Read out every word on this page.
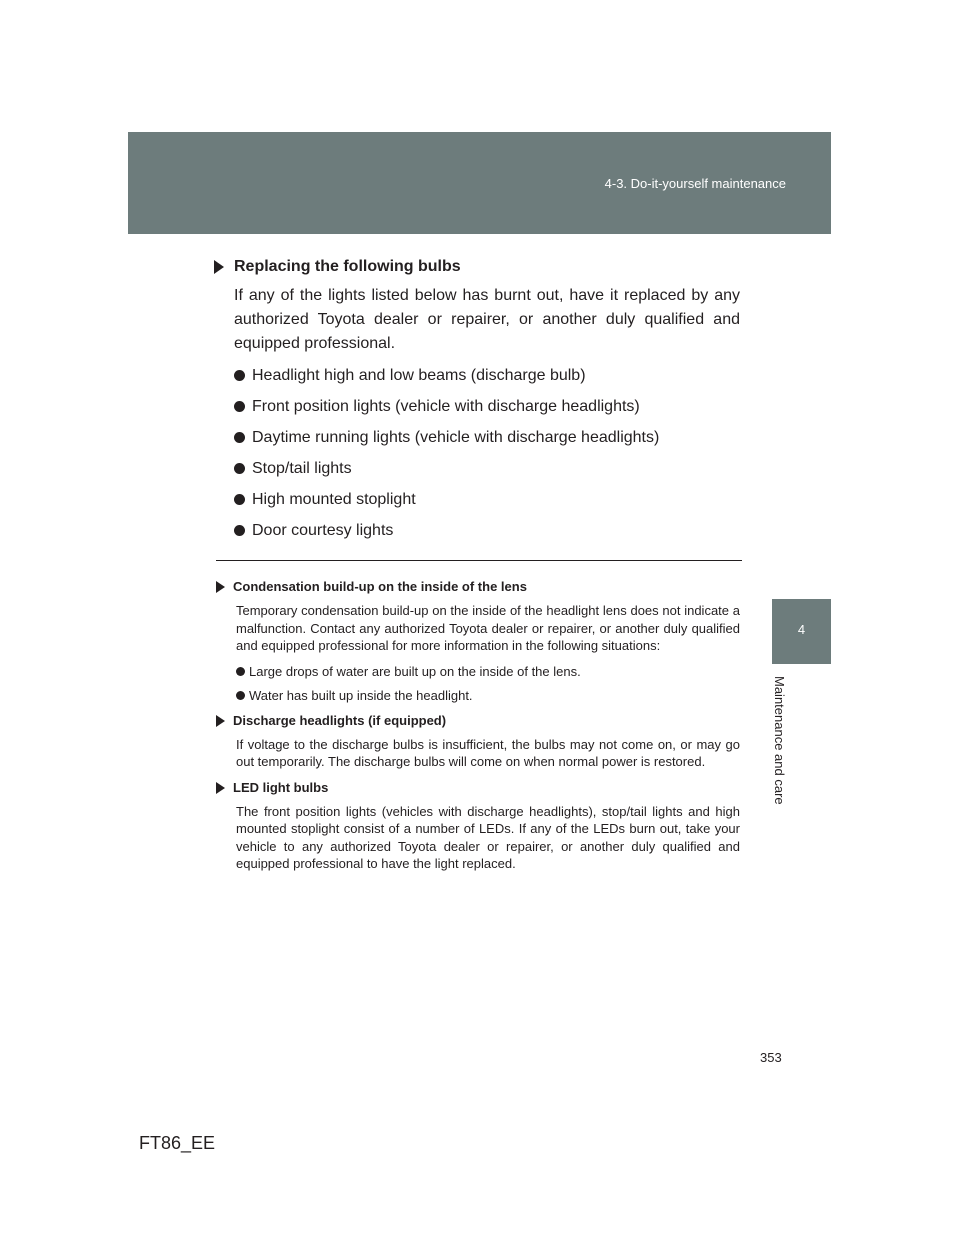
4-3. Do-it-yourself maintenance
4
Maintenance and care
Replacing the following bulbs

If any of the lights listed below has burnt out, have it replaced by any authorized Toyota dealer or repairer, or another duly qualified and equipped professional.

Headlight high and low beams (discharge bulb)
Front position lights (vehicle with discharge headlights)
Daytime running lights (vehicle with discharge headlights)
Stop/tail lights
High mounted stoplight
Door courtesy lights
Condensation build-up on the inside of the lens

Temporary condensation build-up on the inside of the headlight lens does not indicate a malfunction. Contact any authorized Toyota dealer or repairer, or another duly qualified and equipped professional for more information in the following situations:

Large drops of water are built up on the inside of the lens.
Water has built up inside the headlight.
Discharge headlights (if equipped)

If voltage to the discharge bulbs is insufficient, the bulbs may not come on, or may go out temporarily. The discharge bulbs will come on when normal power is restored.

LED light bulbs

The front position lights (vehicles with discharge headlights), stop/tail lights and high mounted stoplight consist of a number of LEDs. If any of the LEDs burn out, take your vehicle to any authorized Toyota dealer or repairer, or another duly qualified and equipped professional to have the light replaced.

353
FT86_EE
